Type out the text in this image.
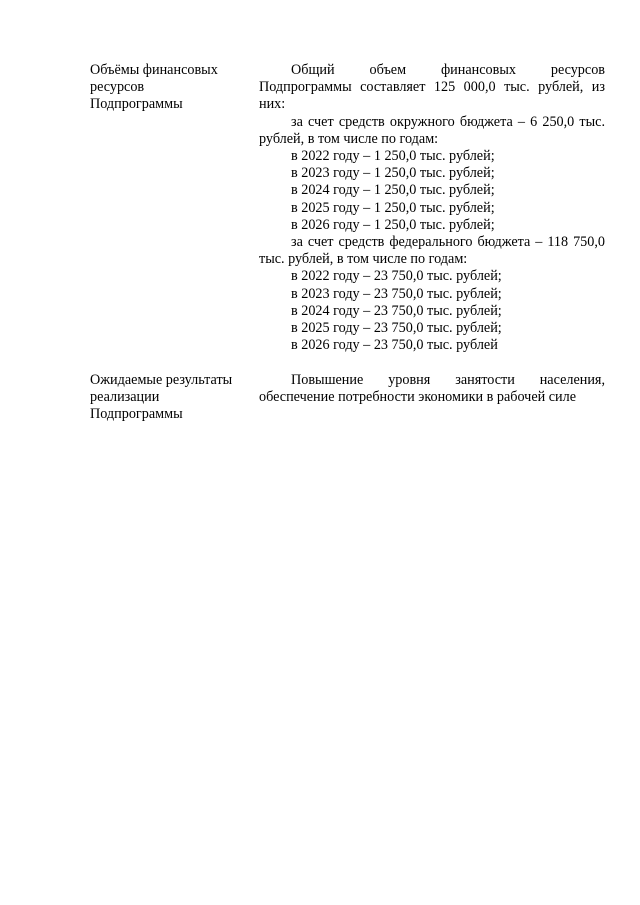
Объёмы финансовых
ресурсов
Подпрограммы
Общий объем финансовых ресурсов Подпрограммы составляет 125 000,0 тыс. рублей, из них:
за счет средств окружного бюджета – 6 250,0 тыс. рублей, в том числе по годам:
в 2022 году – 1 250,0 тыс. рублей;
в 2023 году – 1 250,0 тыс. рублей;
в 2024 году – 1 250,0 тыс. рублей;
в 2025 году – 1 250,0 тыс. рублей;
в 2026 году – 1 250,0 тыс. рублей;
за счет средств федерального бюджета – 118 750,0 тыс. рублей, в том числе по годам:
в 2022 году – 23 750,0 тыс. рублей;
в 2023 году – 23 750,0 тыс. рублей;
в 2024 году – 23 750,0 тыс. рублей;
в 2025 году – 23 750,0 тыс. рублей;
в 2026 году – 23 750,0 тыс. рублей
Ожидаемые результаты
реализации
Подпрограммы
Повышение уровня занятости населения, обеспечение потребности экономики в рабочей силе
